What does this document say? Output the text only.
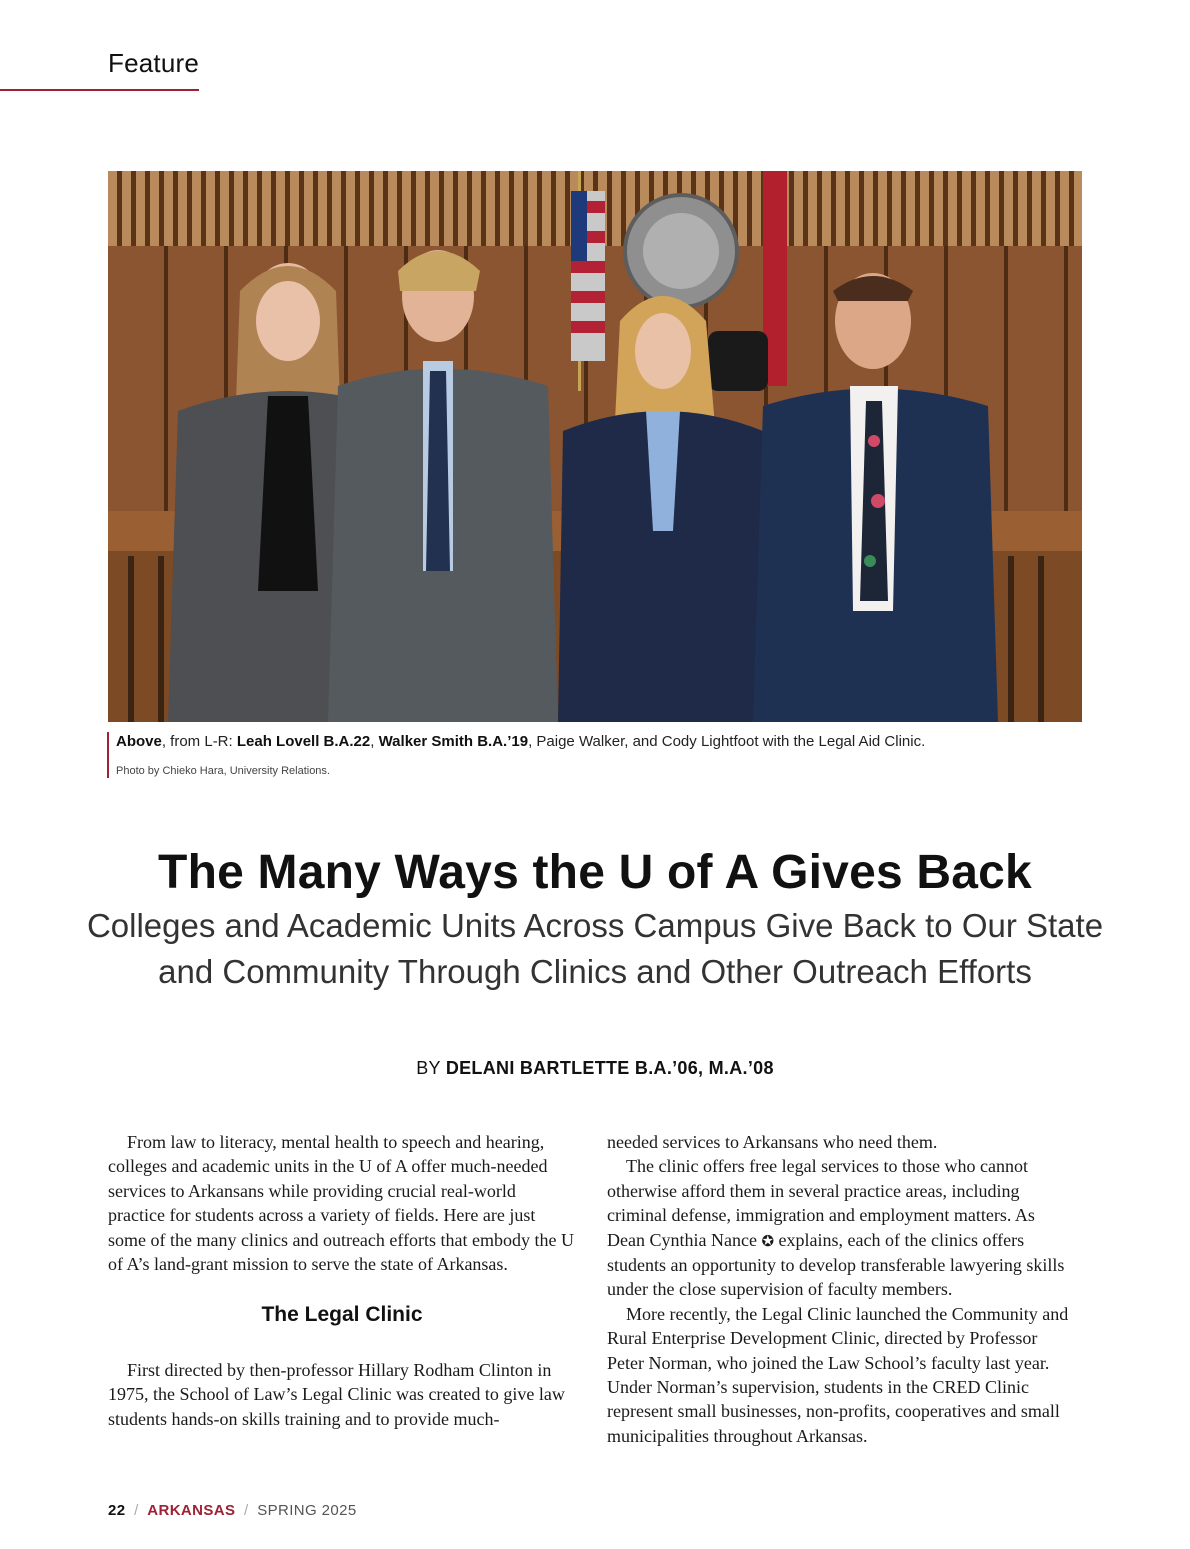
Feature
Above, from L-R: Leah Lovell B.A.22, Walker Smith B.A.’19, Paige Walker, and Cody Lightfoot with the Legal Aid Clinic.
Photo by Chieko Hara, University Relations.
The Many Ways the U of A Gives Back
Colleges and Academic Units Across Campus Give Back to Our State and Community Through Clinics and Other Outreach Efforts
BY DELANI BARTLETTE B.A.’06, M.A.’08

From law to literacy, mental health to speech and hearing, colleges and academic units in the U of A offer much-needed services to Arkansans while providing crucial real-world practice for students across a variety of fields. Here are just some of the many clinics and outreach efforts that embody the U of A’s land-grant mission to serve the state of Arkansas.

The Legal Clinic

First directed by then-professor Hillary Rodham Clinton in 1975, the School of Law’s Legal Clinic was created to give law students hands-on skills training and to provide much-

needed services to Arkansans who need them.

The clinic offers free legal services to those who cannot otherwise afford them in several practice areas, including criminal defense, immigration and employment matters. As Dean Cynthia Nance ✪ explains, each of the clinics offers students an opportunity to develop transferable lawyering skills under the close supervision of faculty members.

More recently, the Legal Clinic launched the Community and Rural Enterprise Development Clinic, directed by Professor Peter Norman, who joined the Law School’s faculty last year. Under Norman’s supervision, students in the CRED Clinic represent small businesses, non-profits, cooperatives and small municipalities throughout Arkansas.

22 / ARKANSAS / SPRING 2025
